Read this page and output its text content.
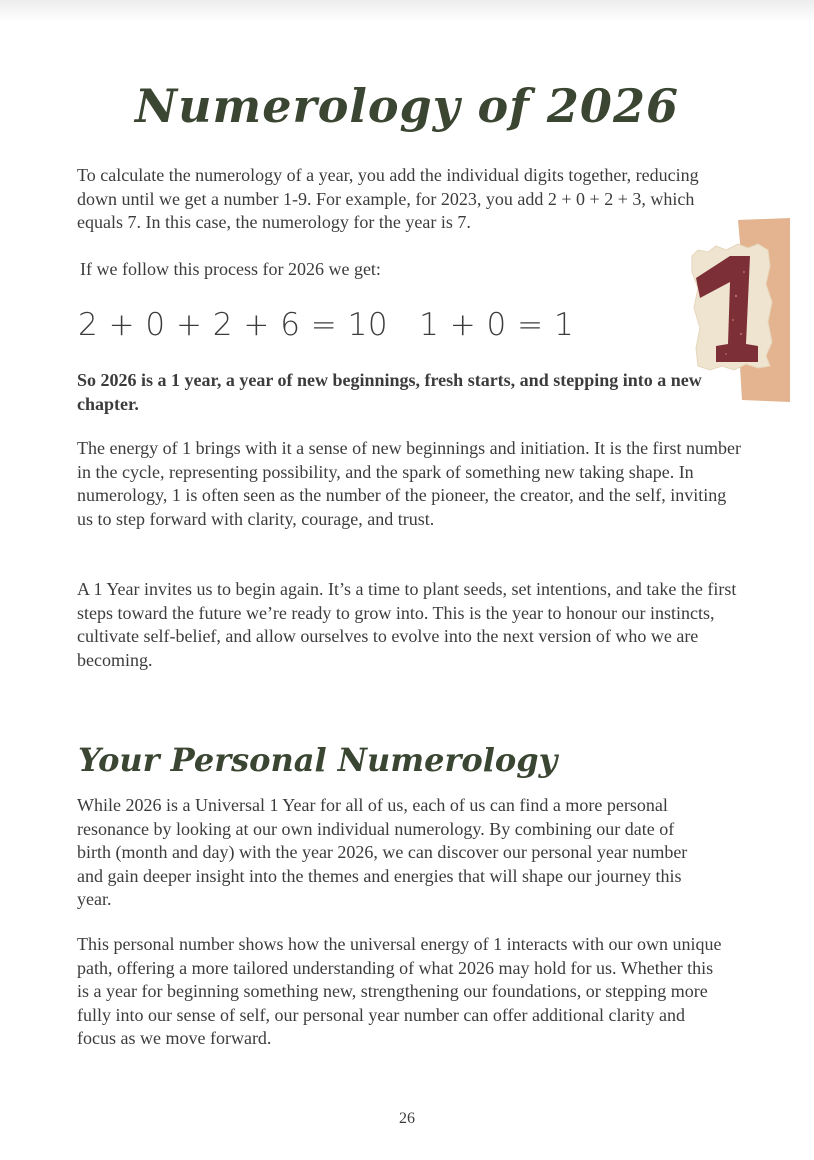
Numerology of 2026

To calculate the numerology of a year, you add the individual digits together, reducing down until we get a number 1-9. For example, for 2023, you add 2 + 0 + 2 + 3, which equals 7. In this case, the numerology for the year is 7.

If we follow this process for 2026 we get:

2 + 0 + 2 + 6 = 10   1 + 0 = 1

So 2026 is a 1 year, a year of new beginnings, fresh starts, and stepping into a new chapter.

The energy of 1 brings with it a sense of new beginnings and initiation. It is the first number in the cycle, representing possibility, and the spark of something new taking shape. In numerology, 1 is often seen as the number of the pioneer, the creator, and the self, inviting us to step forward with clarity, courage, and trust.

A 1 Year invites us to begin again. It’s a time to plant seeds, set intentions, and take the first steps toward the future we’re ready to grow into. This is the year to honour our instincts, cultivate self-belief, and allow ourselves to evolve into the next version of who we are becoming.

Your Personal Numerology

While 2026 is a Universal 1 Year for all of us, each of us can find a more personal resonance by looking at our own individual numerology. By combining our date of birth (month and day) with the year 2026, we can discover our personal year number and gain deeper insight into the themes and energies that will shape our journey this year.

This personal number shows how the universal energy of 1 interacts with our own unique path, offering a more tailored understanding of what 2026 may hold for us. Whether this is a year for beginning something new, strengthening our foundations, or stepping more fully into our sense of self, our personal year number can offer additional clarity and focus as we move forward.

26
